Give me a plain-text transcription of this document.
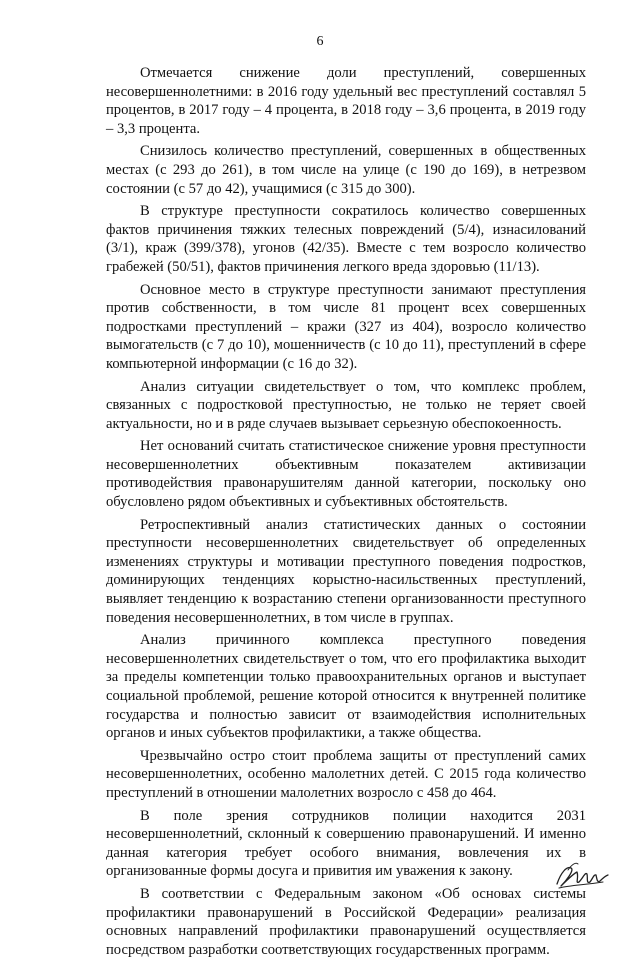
6

Отмечается снижение доли преступлений, совершенных несовершеннолетними: в 2016 году удельный вес преступлений составлял 5 процентов, в 2017 году – 4 процента, в 2018 году – 3,6 процента, в 2019 году – 3,3 процента.

Снизилось количество преступлений, совершенных в общественных местах (с 293 до 261), в том числе на улице (с 190 до 169), в нетрезвом состоянии (с 57 до 42), учащимися (с 315 до 300).

В структуре преступности сократилось количество совершенных фактов причинения тяжких телесных повреждений (5/4), изнасилований (3/1), краж (399/378), угонов (42/35). Вместе с тем возросло количество грабежей (50/51), фактов причинения легкого вреда здоровью (11/13).

Основное место в структуре преступности занимают преступления против собственности, в том числе 81 процент всех совершенных подростками преступлений – кражи (327 из 404), возросло количество вымогательств (с 7 до 10), мошенничеств (с 10 до 11), преступлений в сфере компьютерной информации (с 16 до 32).

Анализ ситуации свидетельствует о том, что комплекс проблем, связанных с подростковой преступностью, не только не теряет своей актуальности, но и в ряде случаев вызывает серьезную обеспокоенность.

Нет оснований считать статистическое снижение уровня преступности несовершеннолетних объективным показателем активизации противодействия правонарушителям данной категории, поскольку оно обусловлено рядом объективных и субъективных обстоятельств.

Ретроспективный анализ статистических данных о состоянии преступности несовершеннолетних свидетельствует об определенных изменениях структуры и мотивации преступного поведения подростков, доминирующих тенденциях корыстно-насильственных преступлений, выявляет тенденцию к возрастанию степени организованности преступного поведения несовершеннолетних, в том числе в группах.

Анализ причинного комплекса преступного поведения несовершеннолетних свидетельствует о том, что его профилактика выходит за пределы компетенции только правоохранительных органов и выступает социальной проблемой, решение которой относится к внутренней политике государства и полностью зависит от взаимодействия исполнительных органов и иных субъектов профилактики, а также общества.

Чрезвычайно остро стоит проблема защиты от преступлений самих несовершеннолетних, особенно малолетних детей. С 2015 года количество преступлений в отношении малолетних возросло с 458 до 464.

В поле зрения сотрудников полиции находится 2031 несовершеннолетний, склонный к совершению правонарушений. И именно данная категория требует особого внимания, вовлечения их в организованные формы досуга и привития им уважения к закону.

В соответствии с Федеральным законом «Об основах системы профилактики правонарушений в Российской Федерации» реализация основных направлений профилактики правонарушений осуществляется посредством разработки соответствующих государственных программ.
